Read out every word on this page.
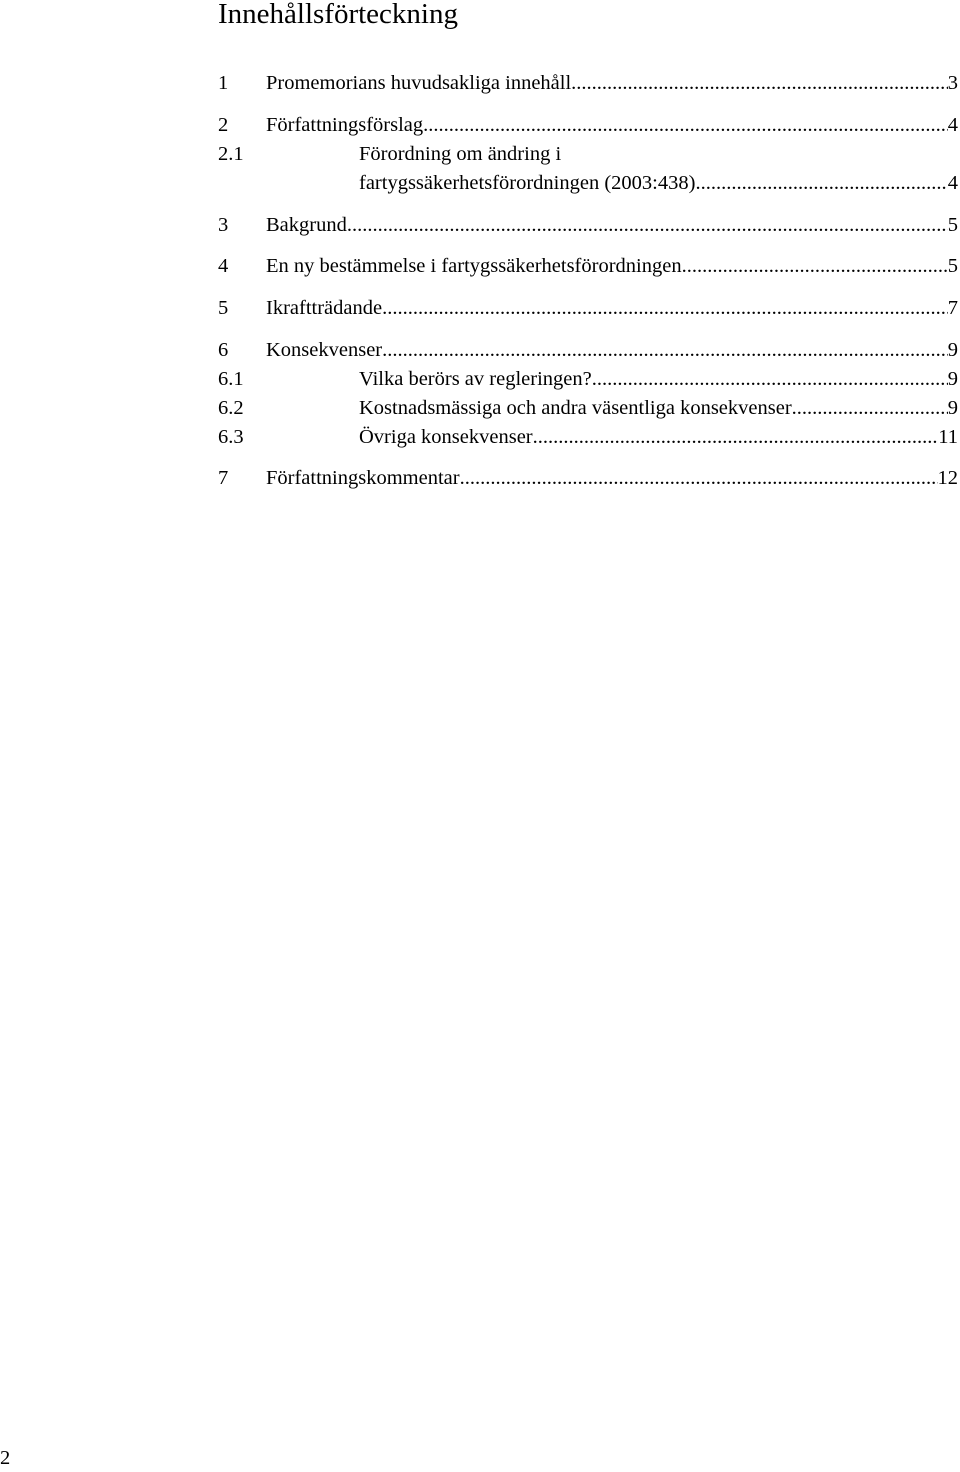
Innehållsförteckning
1 Promemorians huvudsakliga innehåll .....	3
2 Författningsförslag .....	4
2.1	Förordning om ändring i
fartygssäkerhetsförordningen (2003:438) .....	4
3 Bakgrund .....	5
4 En ny bestämmelse i fartygssäkerhetsförordningen .....	5
5 Ikraftträdande .....	7
6 Konsekvenser .....	9
6.1	Vilka berörs av regleringen? .....	9
6.2	Kostnadsmässiga och andra väsentliga konsekvenser .....	9
6.3	Övriga konsekvenser .....	11
7 Författningskommentar .....	12
2
